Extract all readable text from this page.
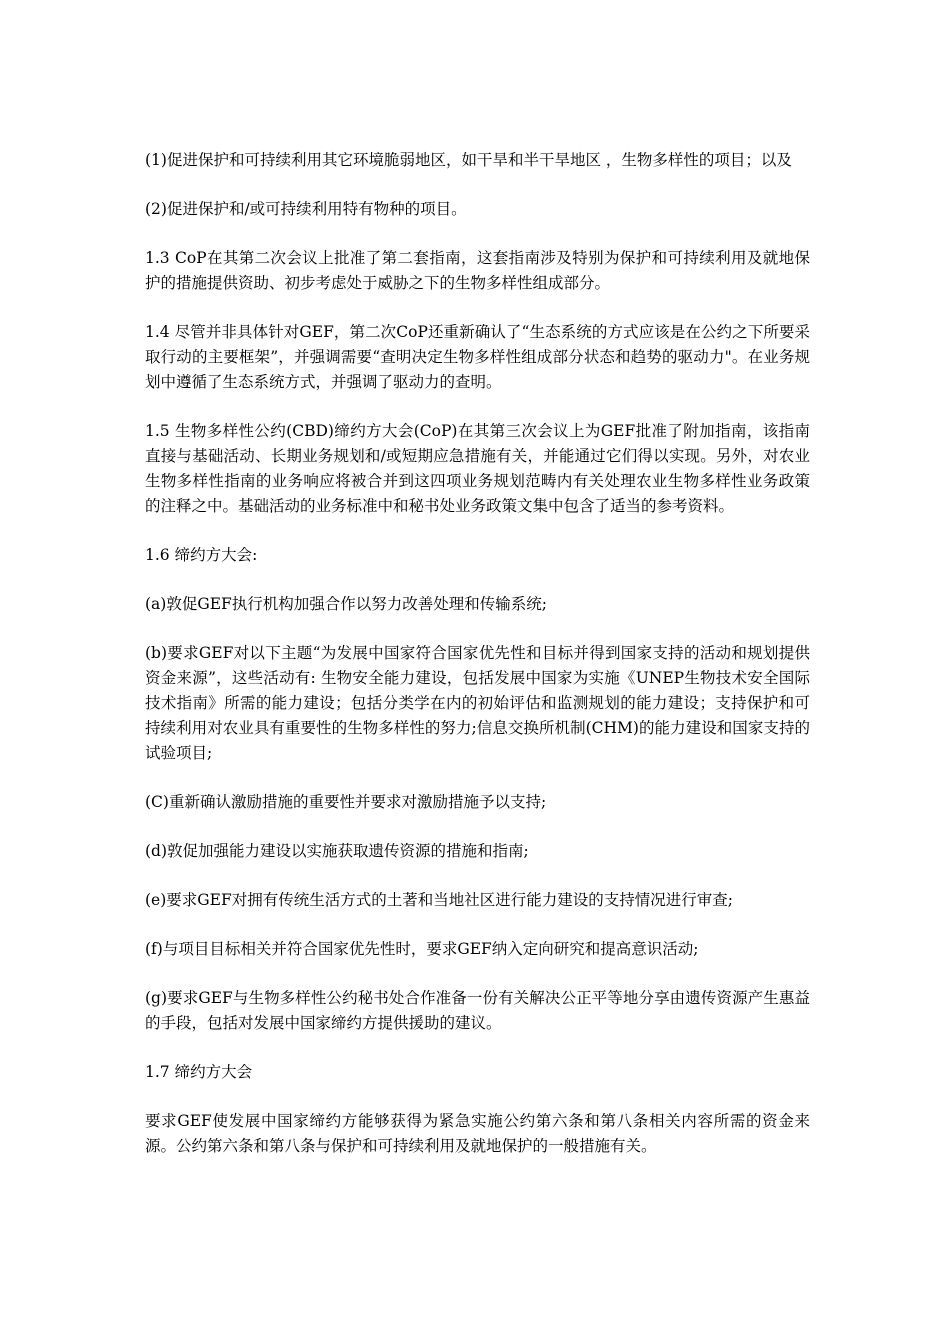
(1)促进保护和可持续利用其它环境脆弱地区，如干旱和半干旱地区 ，生物多样性的项目；以及

(2)促进保护和/或可持续利用特有物种的项目。

1.3 CoP在其第二次会议上批准了第二套指南，这套指南涉及特别为保护和可持续利用及就地保护的措施提供资助、初步考虑处于威胁之下的生物多样性组成部分。

1.4 尽管并非具体针对GEF，第二次CoP还重新确认了“生态系统的方式应该是在公约之下所要采取行动的主要框架”，并强调需要“查明决定生物多样性组成部分状态和趋势的驱动力"。在业务规划中遵循了生态系统方式，并强调了驱动力的查明。

1.5 生物多样性公约(CBD)缔约方大会(CoP)在其第三次会议上为GEF批准了附加指南，该指南直接与基础活动、长期业务规划和/或短期应急措施有关，并能通过它们得以实现。另外，对农业生物多样性指南的业务响应将被合并到这四项业务规划范畴内有关处理农业生物多样性业务政策的注释之中。基础活动的业务标准中和秘书处业务政策文集中包含了适当的参考资料。

1.6 缔约方大会:

(a)敦促GEF执行机构加强合作以努力改善处理和传输系统;

(b)要求GEF对以下主题“为发展中国家符合国家优先性和目标并得到国家支持的活动和规划提供资金来源”，这些活动有: 生物安全能力建设，包括发展中国家为实施《UNEP生物技术安全国际技术指南》所需的能力建设；包括分类学在内的初始评估和监测规划的能力建设；支持保护和可持续利用对农业具有重要性的生物多样性的努力;信息交换所机制(CHM)的能力建设和国家支持的试验项目;

(C)重新确认激励措施的重要性并要求对激励措施予以支持;

(d)敦促加强能力建设以实施获取遗传资源的措施和指南;

(e)要求GEF对拥有传统生活方式的土著和当地社区进行能力建设的支持情况进行审查;

(f)与项目目标相关并符合国家优先性时，要求GEF纳入定向研究和提高意识活动;

(g)要求GEF与生物多样性公约秘书处合作准备一份有关解决公正平等地分享由遗传资源产生惠益的手段，包括对发展中国家缔约方提供援助的建议。

1.7 缔约方大会

要求GEF使发展中国家缔约方能够获得为紧急实施公约第六条和第八条相关内容所需的资金来源。公约第六条和第八条与保护和可持续利用及就地保护的一般措施有关。
